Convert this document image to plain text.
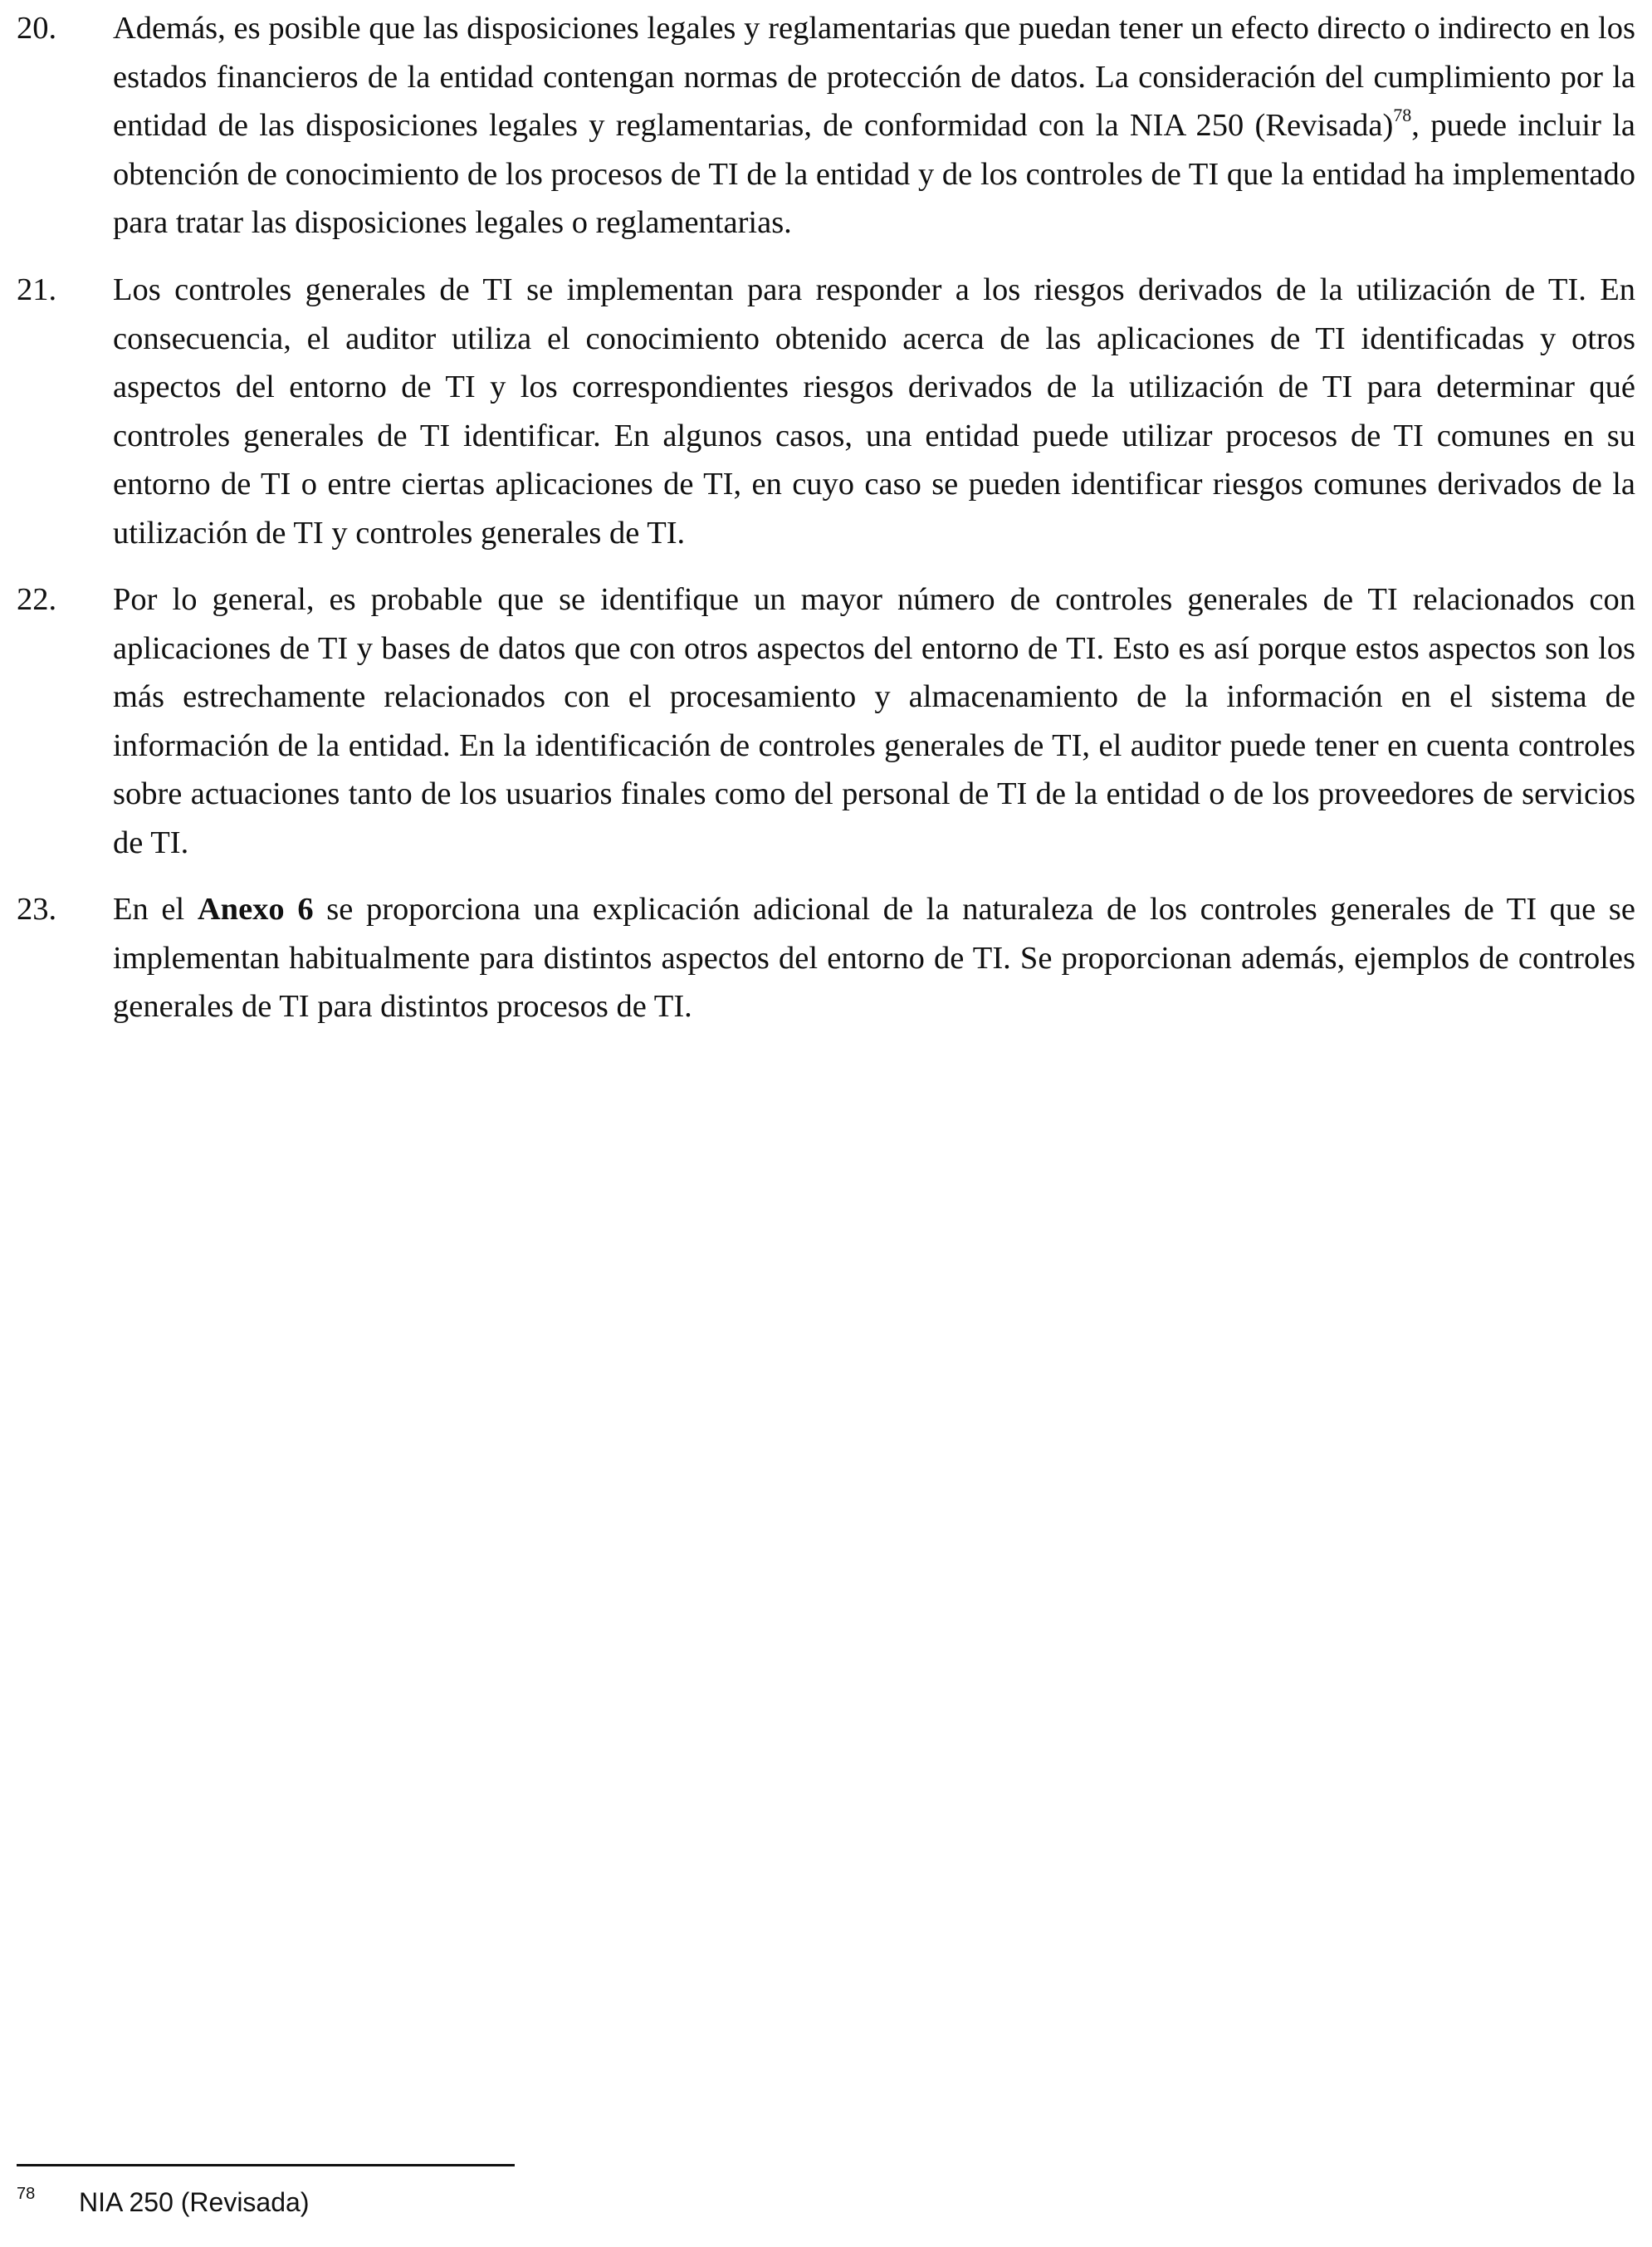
20.	Además, es posible que las disposiciones legales y reglamentarias que puedan tener un efecto directo o indirecto en los estados financieros de la entidad contengan normas de protección de datos. La consideración del cumplimiento por la entidad de las disposiciones legales y reglamentarias, de conformidad con la NIA 250 (Revisada)$^{78}$, puede incluir la obtención de conocimiento de los procesos de TI de la entidad y de los controles de TI que la entidad ha implementado para tratar las disposiciones legales o reglamentarias.
21.	Los controles generales de TI se implementan para responder a los riesgos derivados de la utilización de TI. En consecuencia, el auditor utiliza el conocimiento obtenido acerca de las aplicaciones de TI identificadas y otros aspectos del entorno de TI y los correspondientes riesgos derivados de la utilización de TI para determinar qué controles generales de TI identificar. En algunos casos, una entidad puede utilizar procesos de TI comunes en su entorno de TI o entre ciertas aplicaciones de TI, en cuyo caso se pueden identificar riesgos comunes derivados de la utilización de TI y controles generales de TI.
22.	Por lo general, es probable que se identifique un mayor número de controles generales de TI relacionados con aplicaciones de TI y bases de datos que con otros aspectos del entorno de TI. Esto es así porque estos aspectos son los más estrechamente relacionados con el procesamiento y almacenamiento de la información en el sistema de información de la entidad. En la identificación de controles generales de TI, el auditor puede tener en cuenta controles sobre actuaciones tanto de los usuarios finales como del personal de TI de la entidad o de los proveedores de servicios de TI.
23.	En el Anexo 6 se proporciona una explicación adicional de la naturaleza de los controles generales de TI que se implementan habitualmente para distintos aspectos del entorno de TI. Se proporcionan además, ejemplos de controles generales de TI para distintos procesos de TI.
78	NIA 250 (Revisada)
